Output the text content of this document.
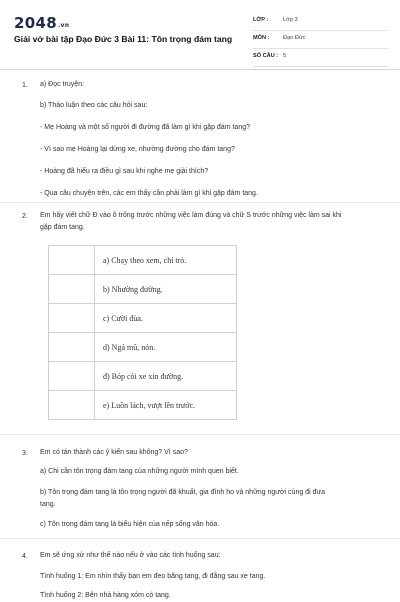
2048.vn
Giải vở bài tập Đạo Đức 3 Bài 11: Tôn trọng đám tang
LỚP :	Lớp 3
MÔN : Đạo Đức
SỐ CÂU : 5
1. a) Đọc truyện:
b) Thảo luận theo các câu hỏi sau:
- Mẹ Hoàng và một số người đi đường đã làm gì khi gặp đám tang?
- Vì sao mẹ Hoàng lại dừng xe, nhường đường cho đám tang?
- Hoàng đã hiểu ra điều gì sau khi nghe mẹ giải thích?
- Qua câu chuyện trên, các em thấy cần phải làm gì khi gặp đám tang.
2. Em hãy viết chữ Đ vào ô trống trước những việc làm đúng và chữ S trước những việc làm sai khi
gặp đám tang.
	a) Chạy theo xem, chỉ trỏ.
	b) Nhường đường.
	c) Cười đùa.
	d) Ngả mũ, nón.
	đ) Bóp còi xe xin đường.
	e) Luồn lách, vượt lên trước.
3. Em có tán thành các ý kiến sau không? Vì sao?
a) Chỉ cần tôn trọng đám tang của những người mình quen biết.
b) Tôn trọng đám tang là tôn trọng người đã khuất, gia đình họ và những người cùng đi đưa
tang.
c) Tôn trọng đám tang là biểu hiện của nếp sống văn hóa.
4. Em sẽ ứng xử như thế nào nếu ở vào các tình huống sau:
Tình huống 1: Em nhìn thấy bạn em đeo băng tang, đi đằng sau xe tang.
Tình huống 2: Bên nhà hàng xóm có tang.
